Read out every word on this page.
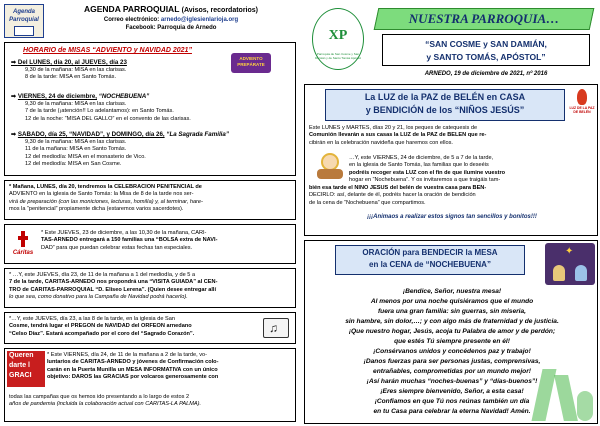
Agenda
Parroquial
AGENDA PARROQUIAL (Avisos, recordatorios)
Correo electrónico: arnedo@iglesienlarioja.org
Facebook: Parroquia de Arnedo
HORARIO de MISAS “ADVIENTO y NAVIDAD 2021”
ADVIENTO PREPÁRATE
➡ Del LUNES, día 20, al JUEVES, día 23
9,30 de la mañana: MISA en las clarisas.
8 de la tarde: MISA en Santo Tomás.
➡ VIERNES, 24 de diciembre, “NOCHEBUENA”
9,30 de la mañana: MISA en las clarisas.
7 de la tarde (¡atención!! Lo adelantamos): en Santo Tomás.
12 de la noche: “MISA DEL GALLO” en el convento de las clarisas.
➡ SÁBADO, día 25, “NAVIDAD”, y DOMINGO, día 26, “La Sagrada Familia”
9,30 de la mañana: MISA en las clarisas.
11 de la mañana: MISA en Santo Tomás.
12 del mediodía: MISA en el monasterio de Vico.
12 del mediodía: MISA en San Cosme.
* Mañana, LUNES, día 20, tendremos la CELEBRACIÓN PENITENCIAL de
ADVIENTO en la iglesia de Santo Tomás: la Misa de 8 de la tarde nos ser-
virá de preparación (con las moniciones, lecturas, homilía) y, al terminar, hare-
mos la “penitencial” propiamente dicha (estaremos varios sacerdotes).
Cáritas
* Este JUEVES, 23 de diciembre, a las 10,30 de la mañana, CÁRI-
TAS-ARNEDO entregará a 150 familias una “BOLSA extra de NAVI-
DAD” para que puedan celebrar estas fechas tan especiales.
* …Y, este JUEVES, día 23, de 11 de la mañana a 1 del mediodía, y de 5 a
7 de la tarde, CÁRITAS-ARNEDO nos propondrá una “VISITA GUIADA” al CEN-
TRO de CÁRITAS-PARROQUIAL “D. Eliseo Lerena”. (Quien desee entregar allí
lo que sea, como donativo para la Campaña de Navidad podrá hacerlo).
*…Y, este JUEVES, día 23, a las 8 de la tarde, en la iglesia de San
Cosme, tendrá lugar el PREGÓN de NAVIDAD del ORFEÓN arnedano
“Celso Díaz”. Estará acompañado por el coro del “Sagrado Corazón”.	♫
Queren
darte l
GRACI
* Este VIERNES, día 24, de 11 de la mañana a 2 de la tarde, vo-
luntarios de CÁRITAS-ARNEDO y jóvenes de Confirmación colo-
carán en la Puerta Munilla un MESA INFORMATIVA con un único
objetivo: DAROS las GRACIAS por volcaros generosamente con
todas las campañas que os hemos ido presentando a lo largo de estos 2
años de pandemia (incluida la colaboración actual con CÁRITAS-LA PALMA).
XP
Parroquia de San Cosme y San Damián y de Santo Tomás Apóstol
NUESTRA PARROQUIA…
“SAN COSME y SAN DAMIÁN,
y SANTO TOMÁS, APÓSTOL”
ARNEDO, 19 de diciembre de 2021, nº 2016
La LUZ de la PAZ de BELÉN en CASA
y BENDICIÓN de los “NIÑOS JESÚS”	LUZ DE LA PAZ DE BELÉN
Este LUNES y MARTES, días 20 y 21, los peques de catequesis de
Comunión llevarán a sus casas la LUZ de la PAZ de BELÉN que re-
cibirán en la celebración navideña que haremos con ellos.
…Y, este VIERNES, 24 de diciembre, de 5 a 7 de la tarde,
en la iglesia de Santo Tomás, las familias que lo deseéis
podréis recoger esta LUZ con el fin de que ilumine vuestro
hogar en “Nochebuena”. Y os invitaremos a que traigáis tam-
bién esa tarde el NIÑO JESÚS del belén de vuestra casa para BEN-
DECIRLO: así, delante de él, podréis hacer la oración de bendición
de la cena de “Nochebuena” que compartimos.
¡¡¡Animaos a realizar estos signos tan sencillos y bonitos!!!
ORACIÓN para BENDECIR la MESA
en la CENA de “NOCHEBUENA”
✦
¡Bendice, Señor, nuestra mesa!
Al menos por una noche quisiéramos que el mundo
fuera una gran familia: sin guerras, sin miseria,
sin hambre, sin dolor,…; y con algo más de fraternidad y de justicia.
¡Que nuestro hogar, Jesús, acoja tu Palabra de amor y de perdón;
que estés Tú siempre presente en él!
¡Consérvanos unidos y concédenos paz y trabajo!
¡Danos fuerzas para ser personas justas, comprensivas,
entrañables, comprometidas por un mundo mejor!
¡Así harán muchas “noches-buenas” y “días-buenos”!
¡Eres siempre bienvenido, Señor, a esta casa!
¡Confiamos en que Tú nos reúnas también un día
en tu Casa para celebrar la eterna Navidad! Amén.
